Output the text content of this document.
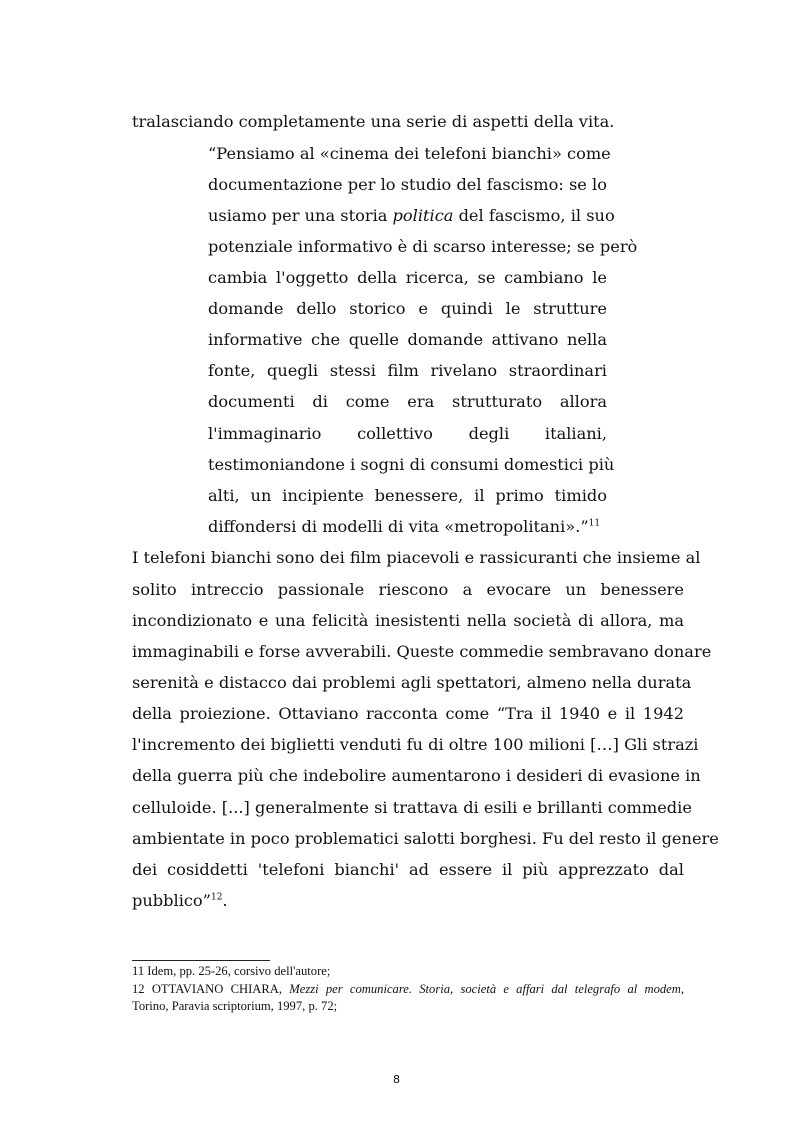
tralasciando completamente una serie di aspetti della vita.
“Pensiamo al «cinema dei telefoni bianchi» come
documentazione per lo studio del fascismo: se lo
usiamo per una storia politica del fascismo, il suo
potenziale informativo è di scarso interesse; se però
cambia l'oggetto della ricerca, se cambiano le
domande dello storico e quindi le strutture
informative che quelle domande attivano nella
fonte, quegli stessi film rivelano straordinari
documenti di come era strutturato allora
l'immaginario collettivo degli italiani,
testimoniandone i sogni di consumi domestici più
alti, un incipiente benessere, il primo timido
diffondersi di modelli di vita «metropolitani».”$^{11}$
I telefoni bianchi sono dei film piacevoli e rassicuranti che insieme al
solito intreccio passionale riescono a evocare un benessere
incondizionato e una felicità inesistenti nella società di allora, ma
immaginabili e forse avverabili. Queste commedie sembravano donare
serenità e distacco dai problemi agli spettatori, almeno nella durata
della proiezione. Ottaviano racconta come “Tra il 1940 e il 1942
l'incremento dei biglietti venduti fu di oltre 100 milioni […] Gli strazi
della guerra più che indebolire aumentarono i desideri di evasione in
celluloide. [...] generalmente si trattava di esili e brillanti commedie
ambientate in poco problematici salotti borghesi. Fu del resto il genere
dei cosiddetti 'telefoni bianchi' ad essere il più apprezzato dal
pubblico”$^{12}$.
11 Idem, pp. 25-26, corsivo dell'autore;
12 OTTAVIANO CHIARA, Mezzi per comunicare. Storia, società e affari dal telegrafo al modem,
Torino, Paravia scriptorium, 1997, p. 72;
8
